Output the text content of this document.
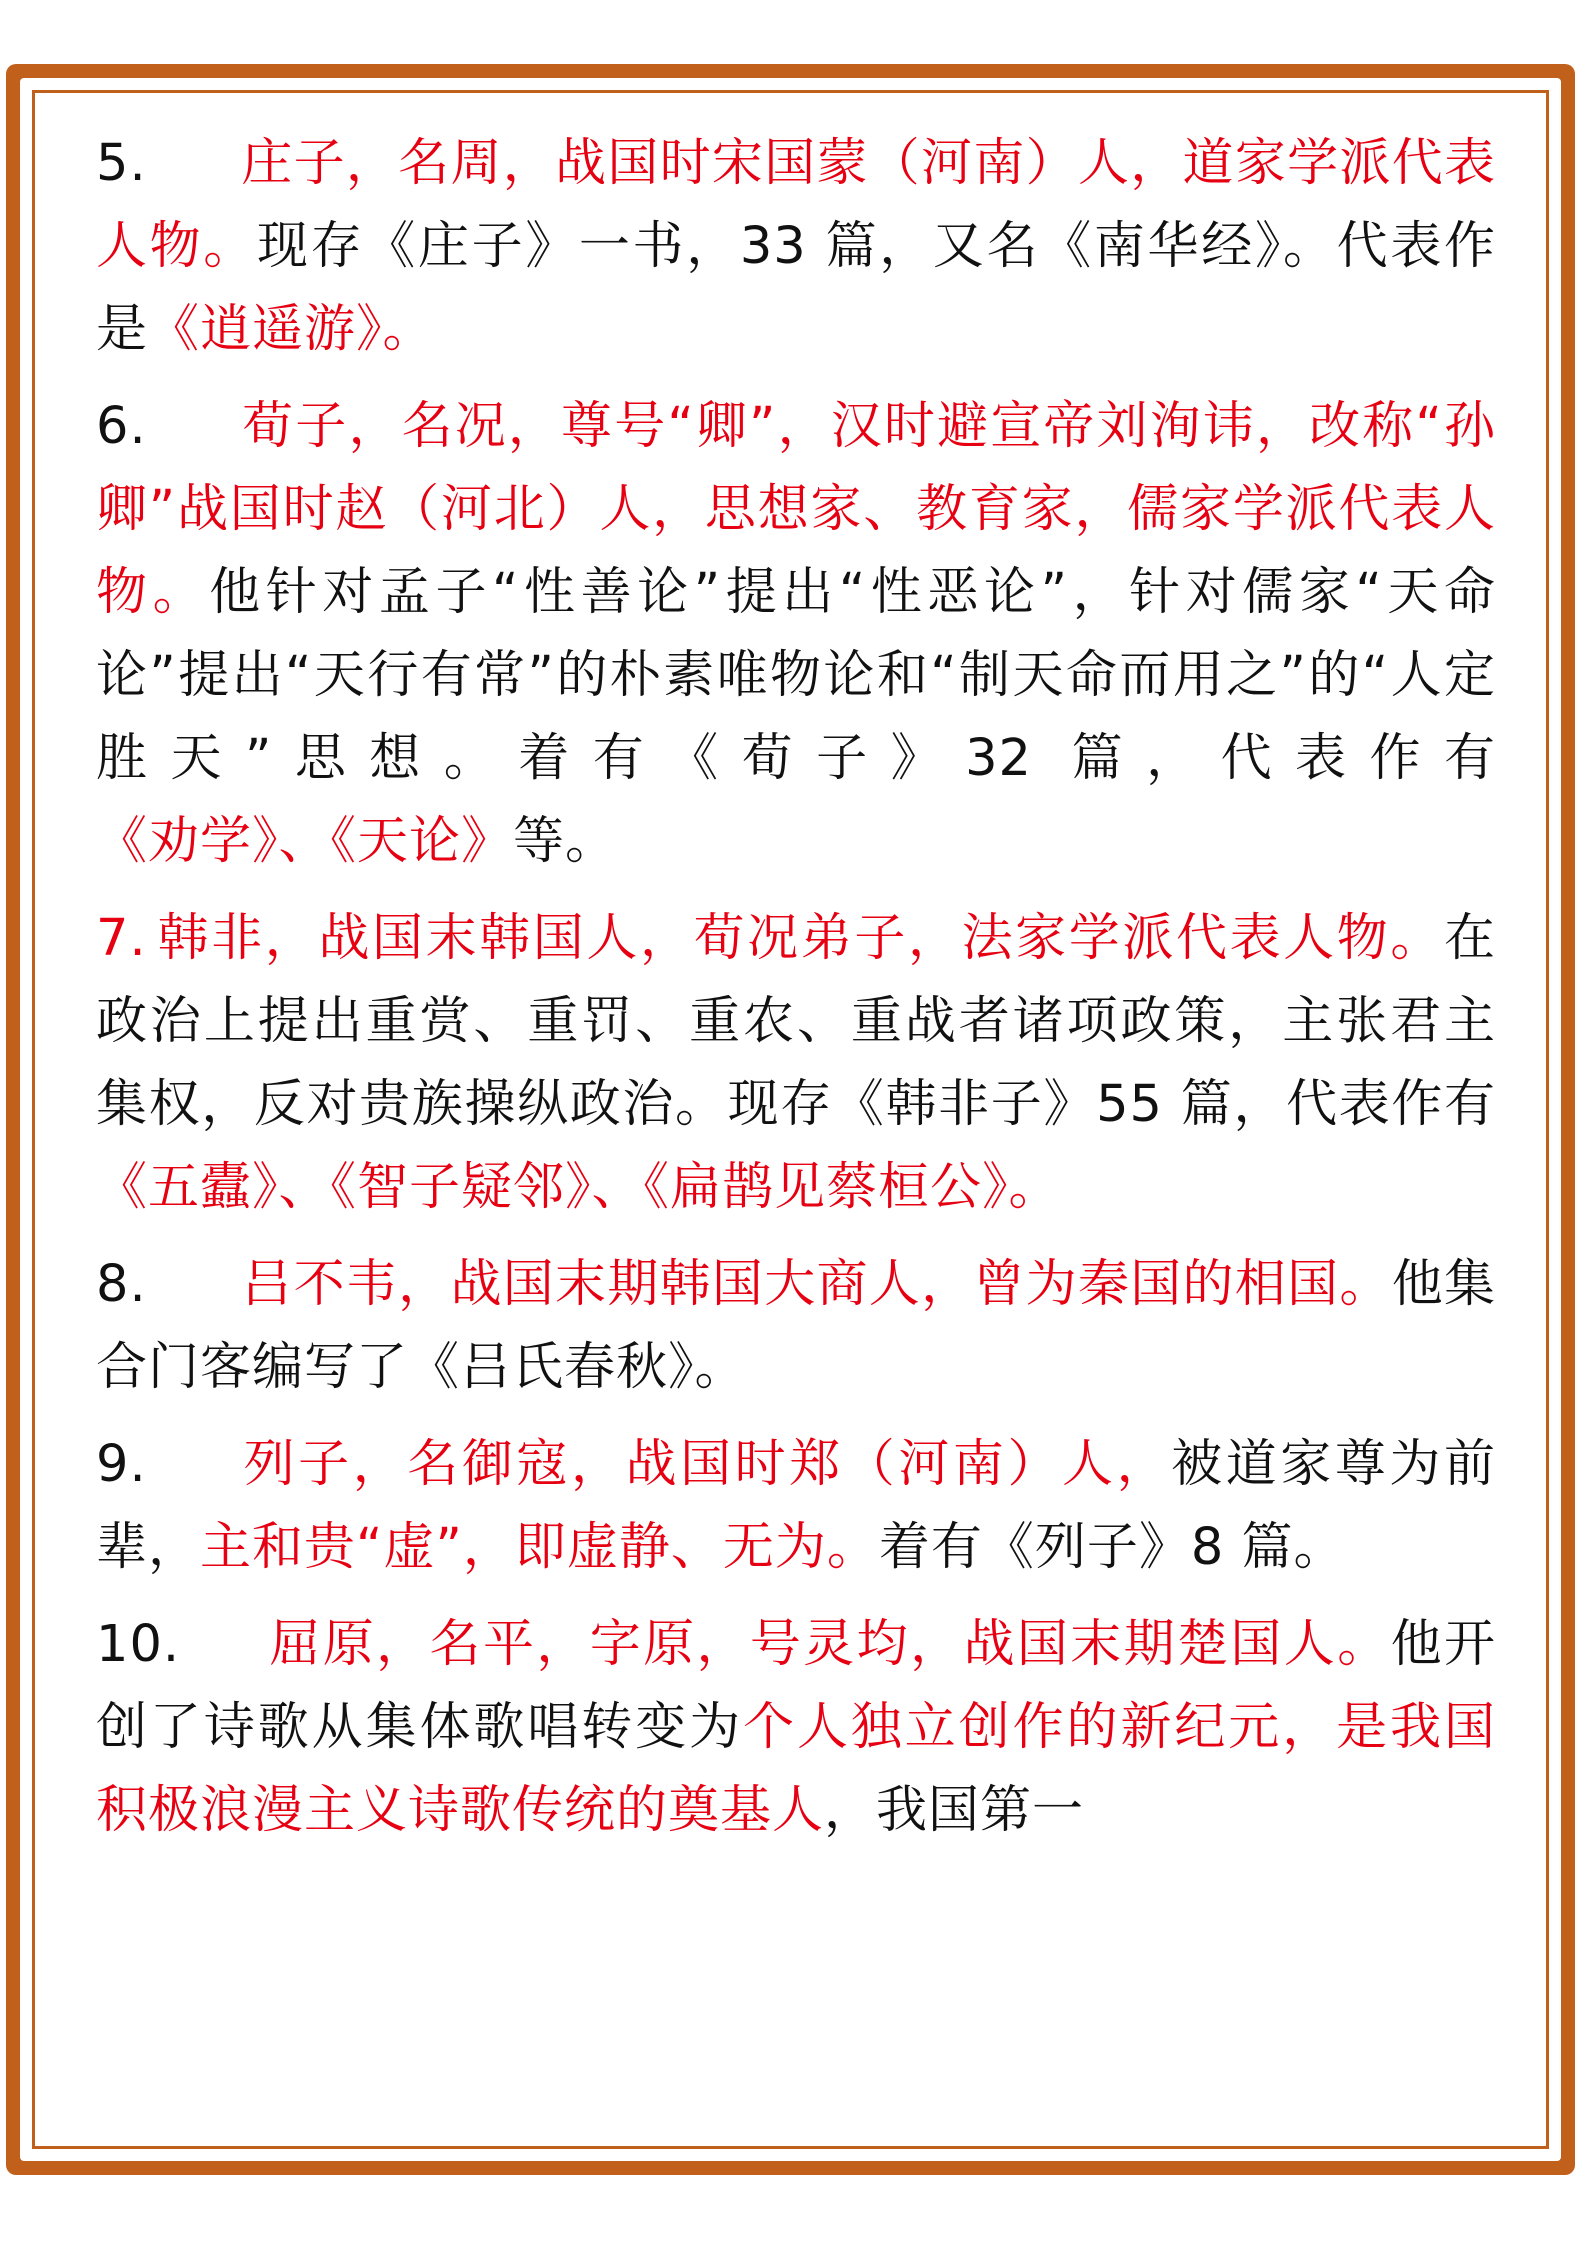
5. 庄子，名周，战国时宋国蒙（河南）人，道家学派代表人物。现存《庄子》一书，33 篇，又名《南华经》。代表作是《逍遥游》。

6. 荀子，名况，尊号“卿”，汉时避宣帝刘洵讳，改称“孙卿”战国时赵（河北）人，思想家、教育家，儒家学派代表人物。他针对孟子“性善论”提出“性恶论”，针对儒家“天命论”提出“天行有常”的朴素唯物论和“制天命而用之”的“人定胜天”思想。着有《荀子》32 篇，代表作有《劝学》、《天论》等。

7. 韩非，战国末韩国人，荀况弟子，法家学派代表人物。在政治上提出重赏、重罚、重农、重战者诸项政策，主张君主集权，反对贵族操纵政治。现存《韩非子》55 篇，代表作有《五蠹》、《智子疑邻》、《扁鹊见蔡桓公》。

8. 吕不韦，战国末期韩国大商人，曾为秦国的相国。他集合门客编写了《吕氏春秋》。

9. 列子，名御寇，战国时郑（河南）人，被道家尊为前辈，主和贵“虚”，即虚静、无为。着有《列子》8 篇。

10. 屈原，名平，字原，号灵均，战国末期楚国人。他开创了诗歌从集体歌唱转变为个人独立创作的新纪元，是我国积极浪漫主义诗歌传统的奠基人，我国第一
